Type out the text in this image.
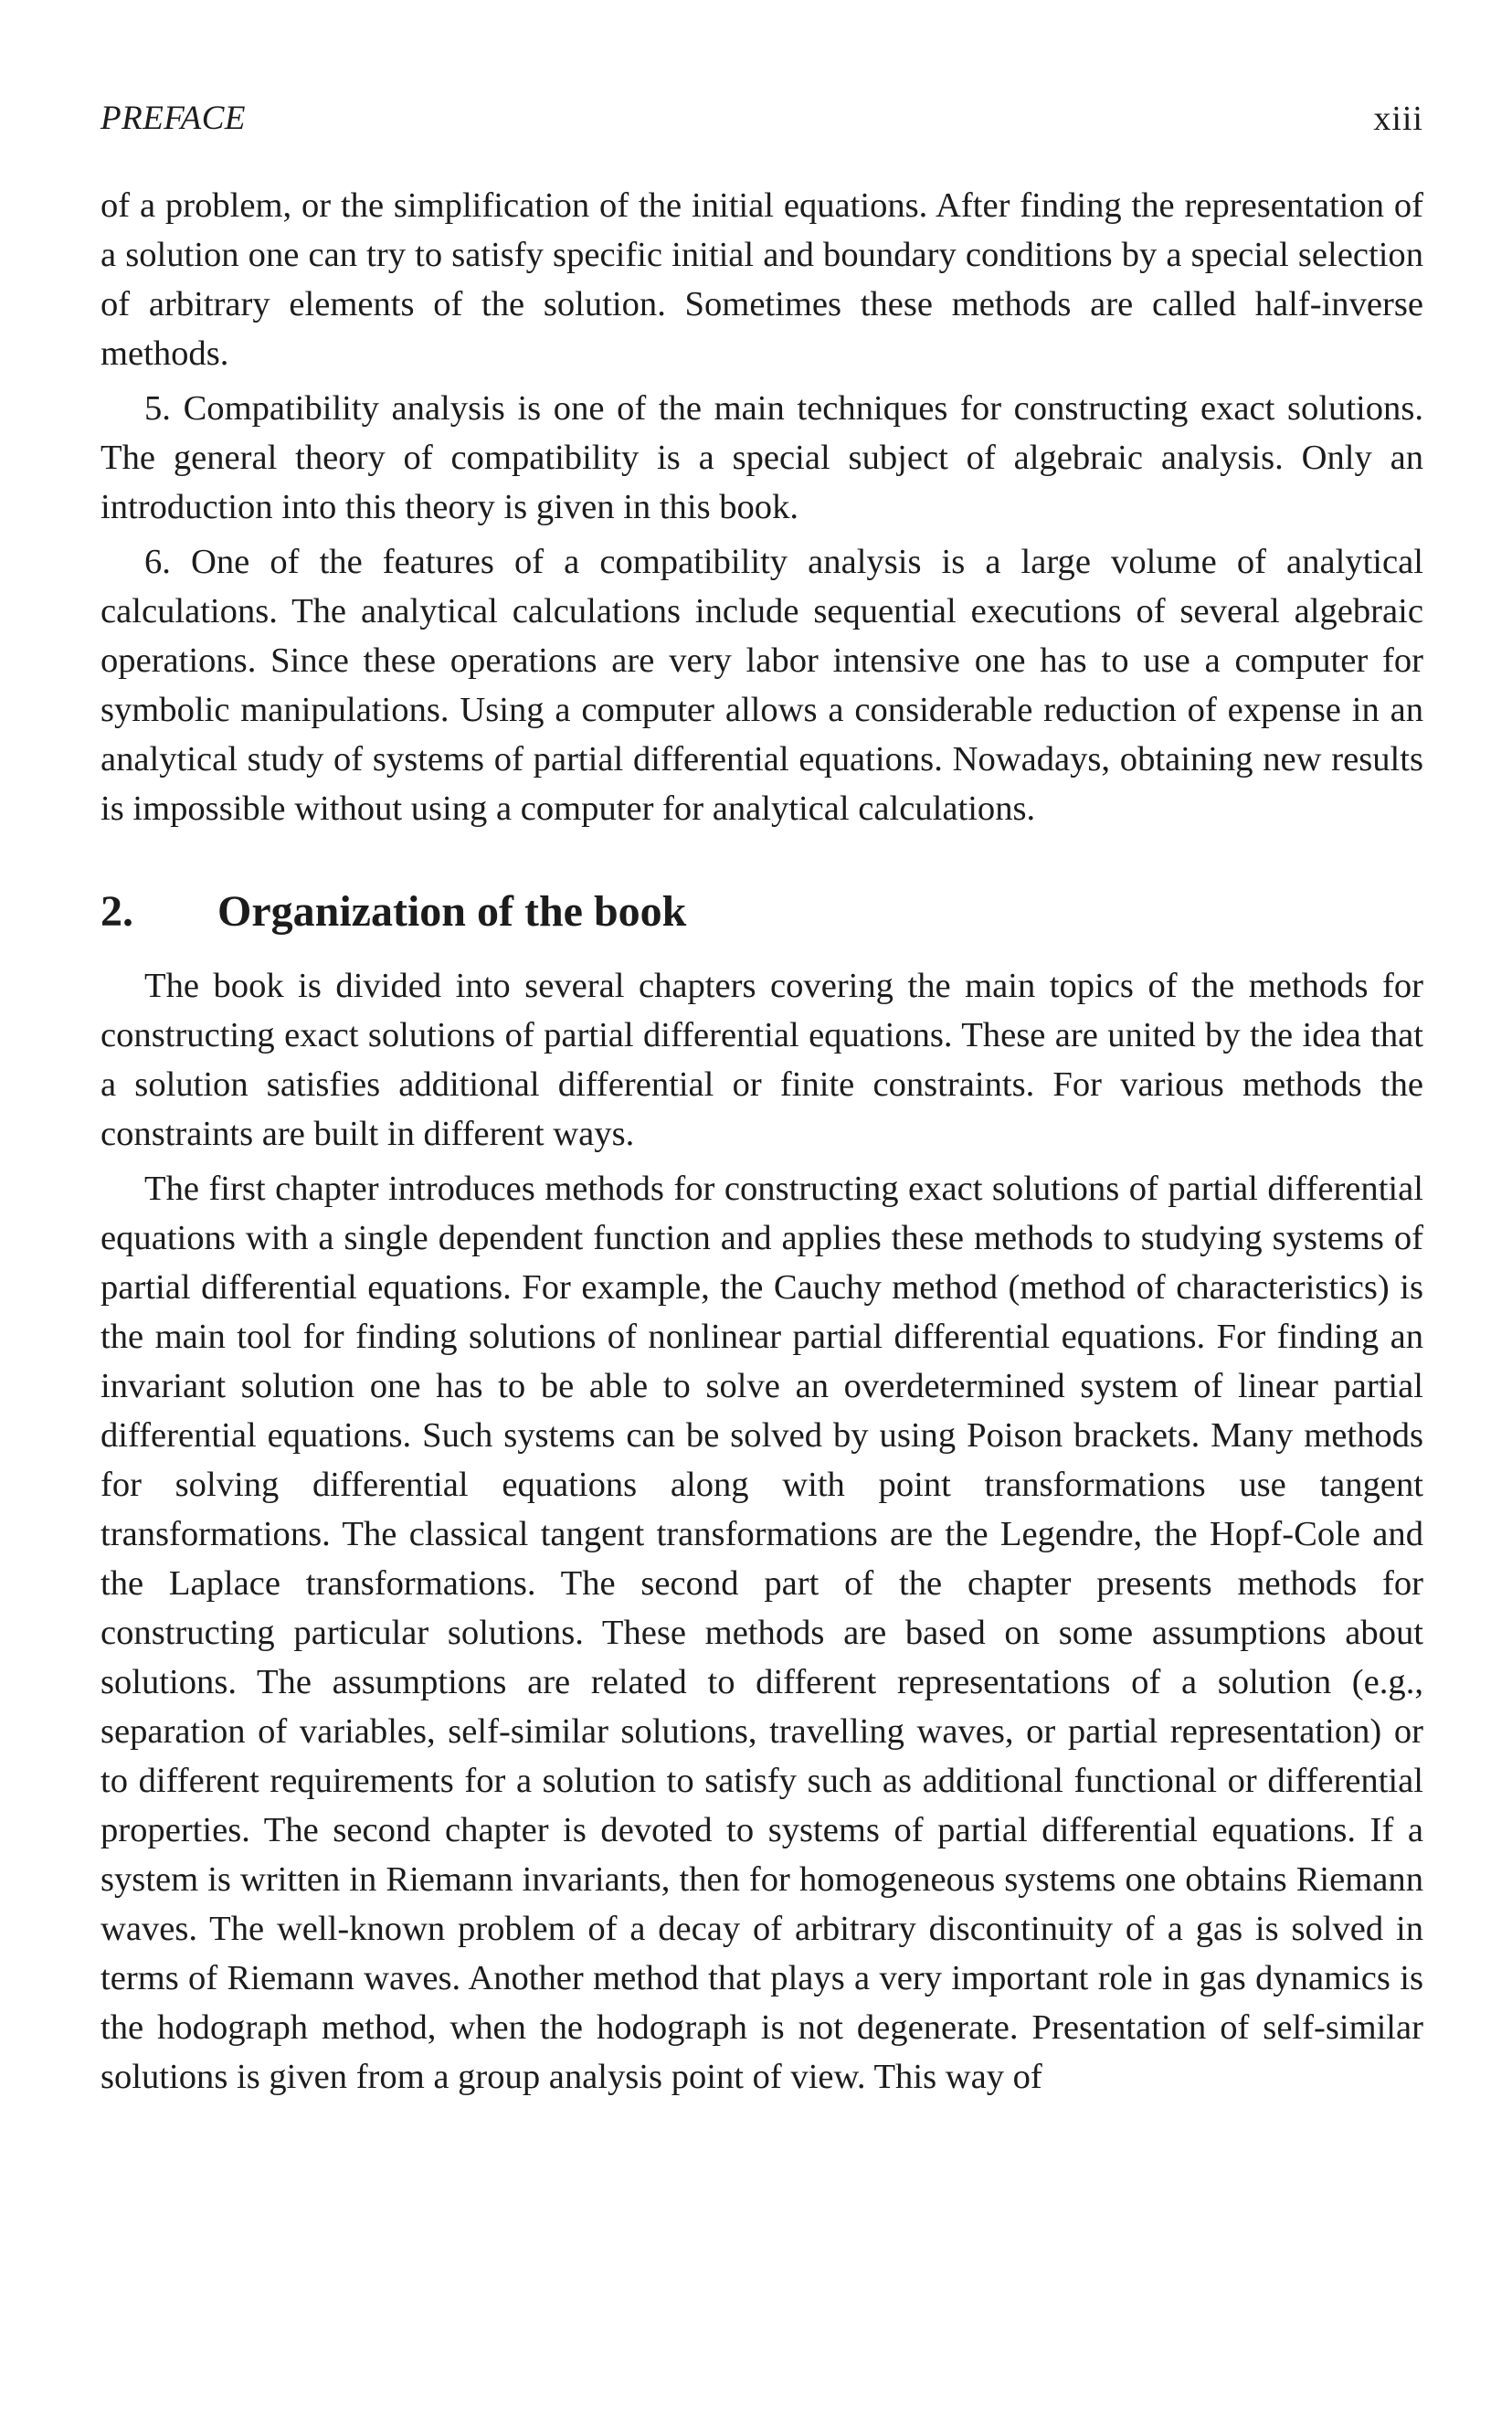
PREFACE	xiii

of a problem, or the simplification of the initial equations. After finding the representation of a solution one can try to satisfy specific initial and boundary conditions by a special selection of arbitrary elements of the solution. Sometimes these methods are called half-inverse methods.

5. Compatibility analysis is one of the main techniques for constructing exact solutions. The general theory of compatibility is a special subject of algebraic analysis. Only an introduction into this theory is given in this book.

6. One of the features of a compatibility analysis is a large volume of analytical calculations. The analytical calculations include sequential executions of several algebraic operations. Since these operations are very labor intensive one has to use a computer for symbolic manipulations. Using a computer allows a considerable reduction of expense in an analytical study of systems of partial differential equations. Nowadays, obtaining new results is impossible without using a computer for analytical calculations.

2. Organization of the book

The book is divided into several chapters covering the main topics of the methods for constructing exact solutions of partial differential equations. These are united by the idea that a solution satisfies additional differential or finite constraints. For various methods the constraints are built in different ways.

The first chapter introduces methods for constructing exact solutions of partial differential equations with a single dependent function and applies these methods to studying systems of partial differential equations. For example, the Cauchy method (method of characteristics) is the main tool for finding solutions of nonlinear partial differential equations. For finding an invariant solution one has to be able to solve an overdetermined system of linear partial differential equations. Such systems can be solved by using Poison brackets. Many methods for solving differential equations along with point transformations use tangent transformations. The classical tangent transformations are the Legendre, the Hopf-Cole and the Laplace transformations. The second part of the chapter presents methods for constructing particular solutions. These methods are based on some assumptions about solutions. The assumptions are related to different representations of a solution (e.g., separation of variables, self-similar solutions, travelling waves, or partial representation) or to different requirements for a solution to satisfy such as additional functional or differential properties. The second chapter is devoted to systems of partial differential equations. If a system is written in Riemann invariants, then for homogeneous systems one obtains Riemann waves. The well-known problem of a decay of arbitrary discontinuity of a gas is solved in terms of Riemann waves. Another method that plays a very important role in gas dynamics is the hodograph method, when the hodograph is not degenerate. Presentation of self-similar solutions is given from a group analysis point of view. This way of
